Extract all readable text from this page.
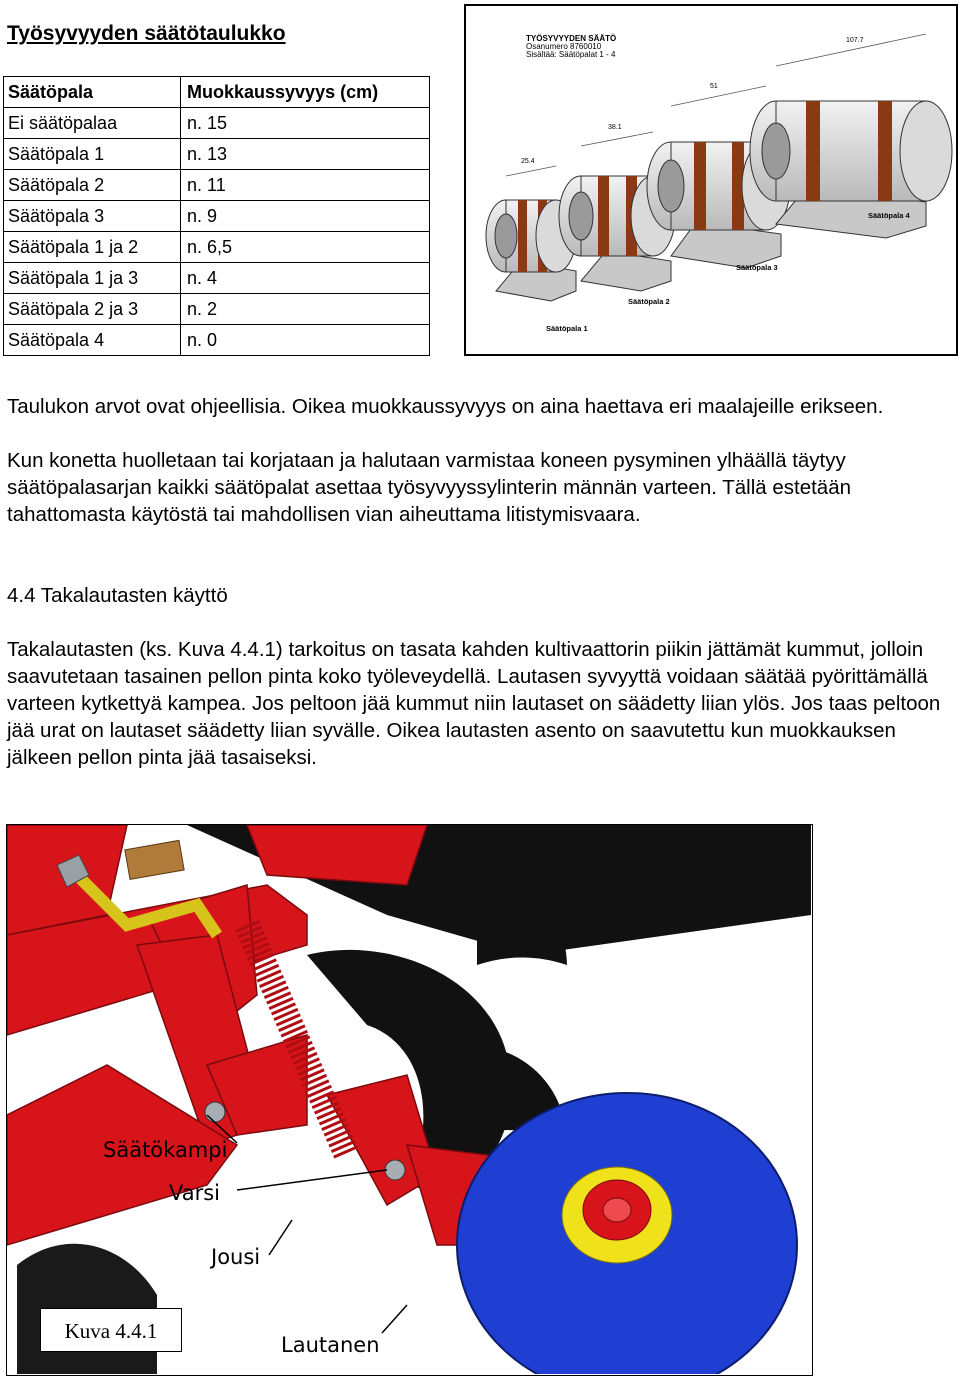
Työsyvyyden säätötaulukko
Säätöpala	Muokkaussyvyys (cm)
Ei säätöpalaa	n. 15
Säätöpala 1	n. 13
Säätöpala 2	n. 11
Säätöpala 3	n. 9
Säätöpala 1 ja 2	n. 6,5
Säätöpala 1 ja 3	n. 4
Säätöpala 2 ja 3	n. 2
Säätöpala 4	n. 0
TYÖSYVYYDEN SÄÄTÖ
Osanumero 8760010
Sisältää: Säätöpalat 1 - 4
25.4
38.1
51
107.7
Säätöpala 1
Säätöpala 2
Säätöpala 3
Säätöpala 4
Taulukon arvot ovat ohjeellisia. Oikea muokkaussyvyys on aina haettava eri maalajeille erikseen.
Kun konetta huolletaan tai korjataan ja halutaan varmistaa koneen pysyminen ylhäällä täytyy säätöpalasarjan kaikki säätöpalat asettaa työsyvyyssylinterin männän varteen. Tällä estetään tahattomasta käytöstä tai mahdollisen vian aiheuttama litistymisvaara.
4.4 Takalautasten käyttö
Takalautasten (ks. Kuva 4.4.1) tarkoitus on tasata kahden kultivaattorin piikin jättämät kummut, jolloin saavutetaan tasainen pellon pinta koko työleveydellä. Lautasen syvyyttä voidaan säätää pyörittämällä varteen kytkettyä kampea. Jos peltoon jää kummut niin lautaset on säädetty liian ylös. Jos taas peltoon jää urat on lautaset säädetty liian syvälle. Oikea lautasten asento on saavutettu kun muokkauksen jälkeen pellon pinta jää tasaiseksi.
Säätökampi
Varsi
Jousi
Lautanen
Kuva 4.4.1
